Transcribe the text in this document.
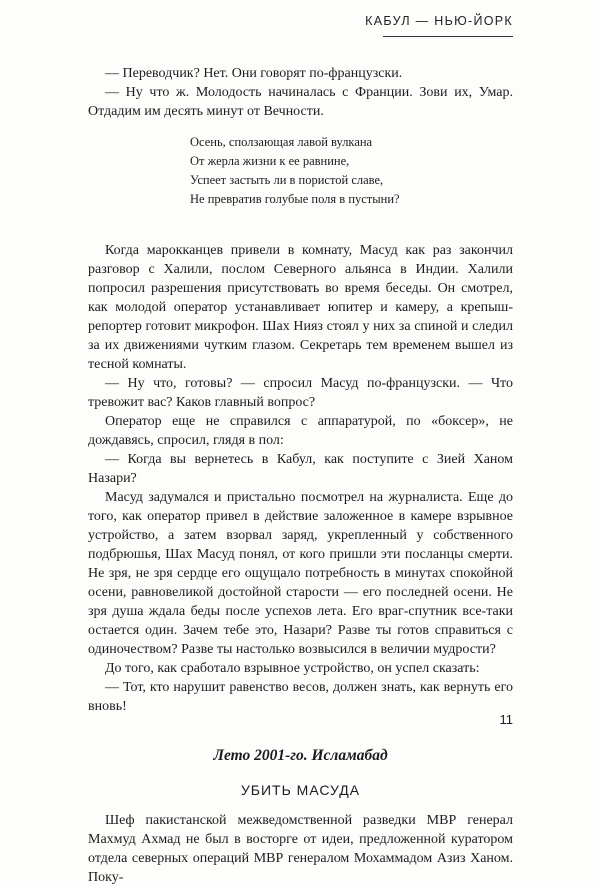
КАБУЛ — НЬЮ-ЙОРК

— Переводчик? Нет. Они говорят по-французски.

— Ну что ж. Молодость начиналась с Франции. Зови их, Умар. Отдадим им десять минут от Вечности.

Осень, сползающая лавой вулкана
От жерла жизни к ее равнине,
Успеет застыть ли в пористой славе,
Не превратив голубые поля в пустыни?

Когда марокканцев привели в комнату, Масуд как раз закончил разговор с Халили, послом Северного альянса в Индии. Халили попросил разрешения присутствовать во время беседы. Он смотрел, как молодой оператор устанавливает юпитер и камеру, а крепыш-репортер готовит микрофон. Шах Нияз стоял у них за спиной и следил за их движениями чутким глазом. Секретарь тем временем вышел из тесной комнаты.

— Ну что, готовы? — спросил Масуд по-французски. — Что тревожит вас? Каков главный вопрос?

Оператор еще не справился с аппаратурой, по «боксер», не дождавясь, спросил, глядя в пол:

— Когда вы вернетесь в Кабул, как поступите с Зией Ханом Назари?

Масуд задумался и пристально посмотрел на журналиста. Еще до того, как оператор привел в действие заложенное в камере взрывное устройство, а затем взорвал заряд, укрепленный у собственного подбрюшья, Шах Масуд понял, от кого пришли эти посланцы смерти. Не зря, не зря сердце его ощущало потребность в минутах спокойной осени, равновеликой достойной старости — его последней осени. Не зря душа ждала беды после успехов лета. Его враг-спутник все-таки остается один. Зачем тебе это, Назари? Разве ты готов справиться с одиночеством? Разве ты настолько возвысился в величии мудрости?

До того, как сработало взрывное устройство, он успел сказать:

— Тот, кто нарушит равенство весов, должен знать, как вернуть его вновь!

Лето 2001-го. Исламабад
УБИТЬ МАСУДА

Шеф пакистанской межведомственной разведки МВР генерал Махмуд Ахмад не был в восторге от идеи, предложенной куратором отдела северных операций МВР генералом Мохаммадом Азиз Ханом. Поку-

11
